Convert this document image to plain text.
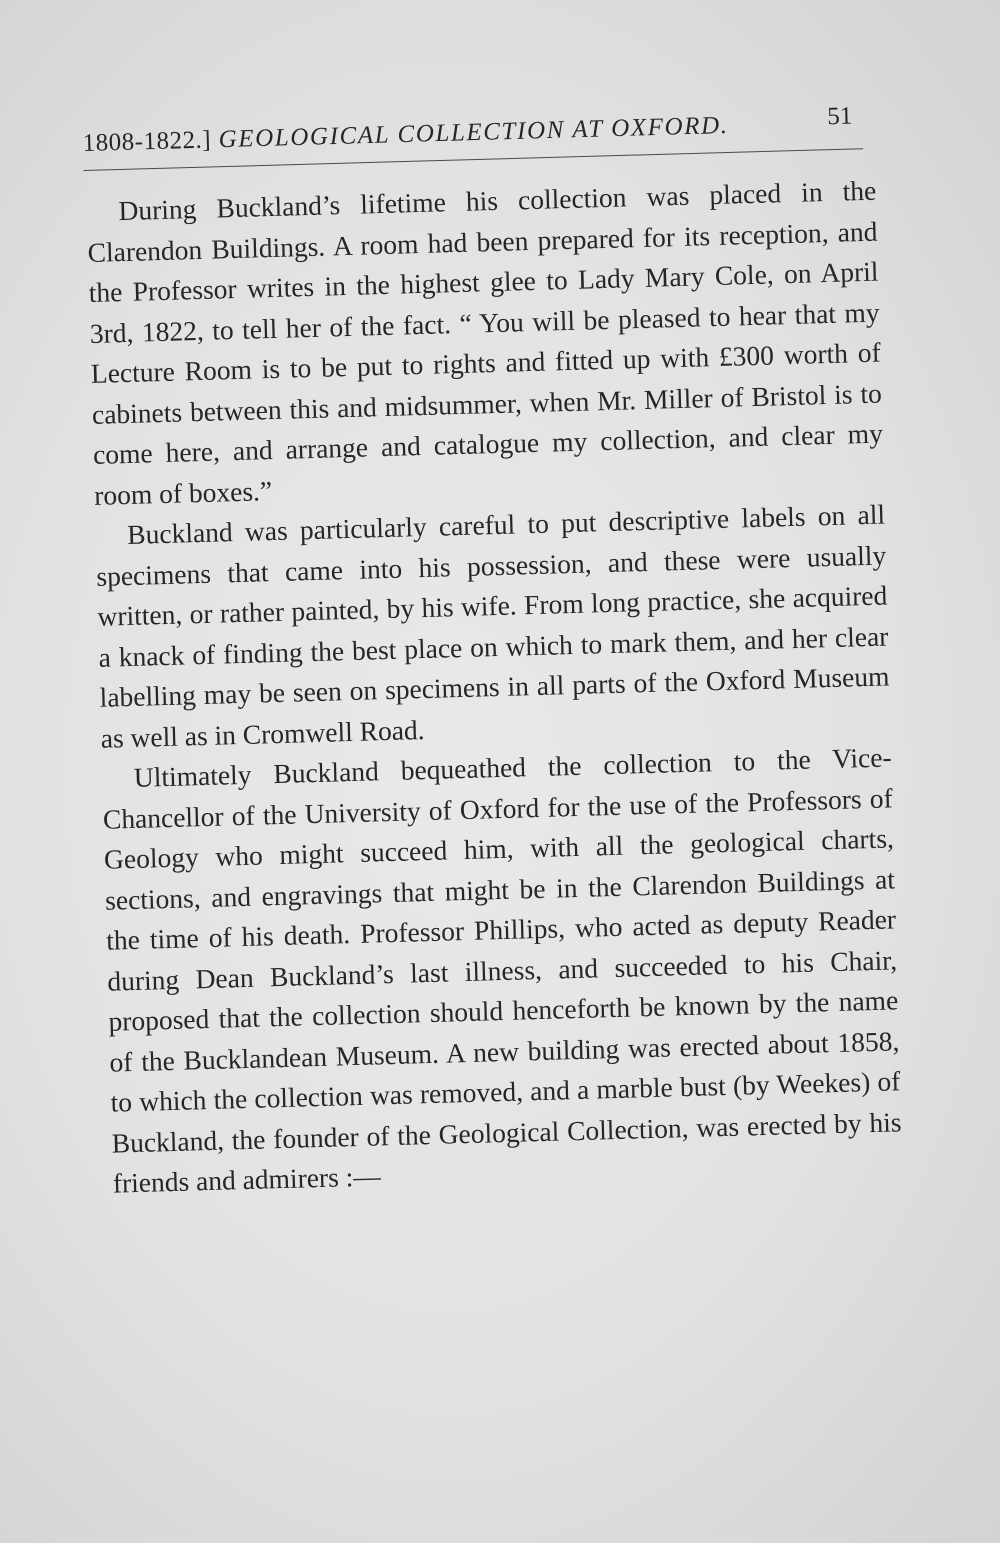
1808-1822.] GEOLOGICAL COLLECTION AT OXFORD.	51

During Buckland’s lifetime his collection was placed in the Clarendon Buildings. A room had been prepared for its reception, and the Professor writes in the highest glee to Lady Mary Cole, on April 3rd, 1822, to tell her of the fact. “ You will be pleased to hear that my Lecture Room is to be put to rights and fitted up with £300 worth of cabinets between this and midsummer, when Mr. Miller of Bristol is to come here, and arrange and catalogue my collection, and clear my room of boxes.”

Buckland was particularly careful to put descriptive labels on all specimens that came into his possession, and these were usually written, or rather painted, by his wife. From long practice, she acquired a knack of finding the best place on which to mark them, and her clear labelling may be seen on specimens in all parts of the Oxford Museum as well as in Cromwell Road.

Ultimately Buckland bequeathed the collection to the Vice-Chancellor of the University of Oxford for the use of the Professors of Geology who might succeed him, with all the geological charts, sections, and engravings that might be in the Clarendon Buildings at the time of his death. Professor Phillips, who acted as deputy Reader during Dean Buckland’s last illness, and succeeded to his Chair, proposed that the collection should henceforth be known by the name of the Bucklandean Museum. A new building was erected about 1858, to which the collection was removed, and a marble bust (by Weekes) of Buckland, the founder of the Geological Collection, was erected by his friends and admirers :—
